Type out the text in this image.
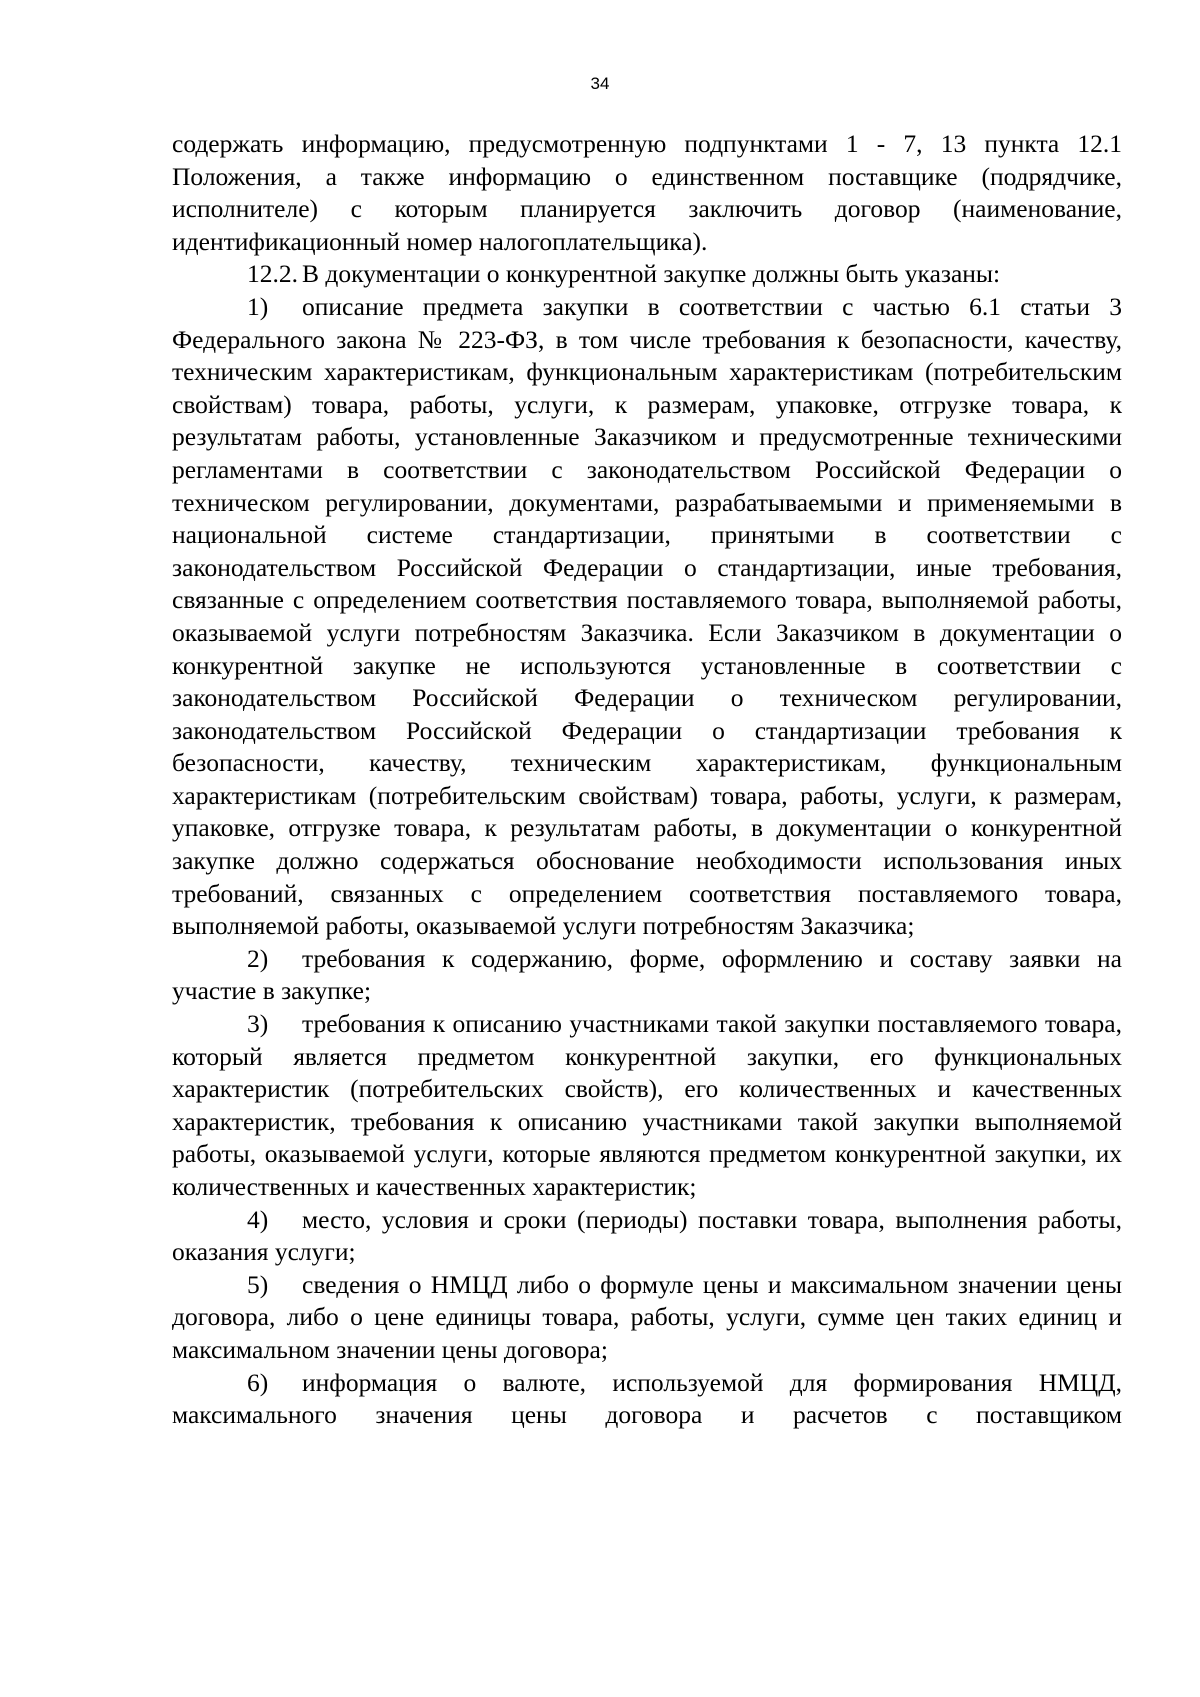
34

содержать информацию, предусмотренную подпунктами 1 - 7, 13 пункта 12.1 Положения, а также информацию о единственном поставщике (подрядчике, исполнителе) с которым планируется заключить договор (наименование, идентификационный номер налогоплательщика).

12.2. В документации о конкурентной закупке должны быть указаны:

1) описание предмета закупки в соответствии с частью 6.1 статьи 3 Федерального закона № 223-ФЗ, в том числе требования к безопасности, качеству, техническим характеристикам, функциональным характеристикам (потребительским свойствам) товара, работы, услуги, к размерам, упаковке, отгрузке товара, к результатам работы, установленные Заказчиком и предусмотренные техническими регламентами в соответствии с законодательством Российской Федерации о техническом регулировании, документами, разрабатываемыми и применяемыми в национальной системе стандартизации, принятыми в соответствии с законодательством Российской Федерации о стандартизации, иные требования, связанные с определением соответствия поставляемого товара, выполняемой работы, оказываемой услуги потребностям Заказчика. Если Заказчиком в документации о конкурентной закупке не используются установленные в соответствии с законодательством Российской Федерации о техническом регулировании, законодательством Российской Федерации о стандартизации требования к безопасности, качеству, техническим характеристикам, функциональным характеристикам (потребительским свойствам) товара, работы, услуги, к размерам, упаковке, отгрузке товара, к результатам работы, в документации о конкурентной закупке должно содержаться обоснование необходимости использования иных требований, связанных с определением соответствия поставляемого товара, выполняемой работы, оказываемой услуги потребностям Заказчика;

2) требования к содержанию, форме, оформлению и составу заявки на участие в закупке;

3) требования к описанию участниками такой закупки поставляемого товара, который является предметом конкурентной закупки, его функциональных характеристик (потребительских свойств), его количественных и качественных характеристик, требования к описанию участниками такой закупки выполняемой работы, оказываемой услуги, которые являются предметом конкурентной закупки, их количественных и качественных характеристик;

4) место, условия и сроки (периоды) поставки товара, выполнения работы, оказания услуги;

5) сведения о НМЦД либо о формуле цены и максимальном значении цены договора, либо о цене единицы товара, работы, услуги, сумме цен таких единиц и максимальном значении цены договора;

6) информация о валюте, используемой для формирования НМЦД, максимального значения цены договора и расчетов с поставщиком
